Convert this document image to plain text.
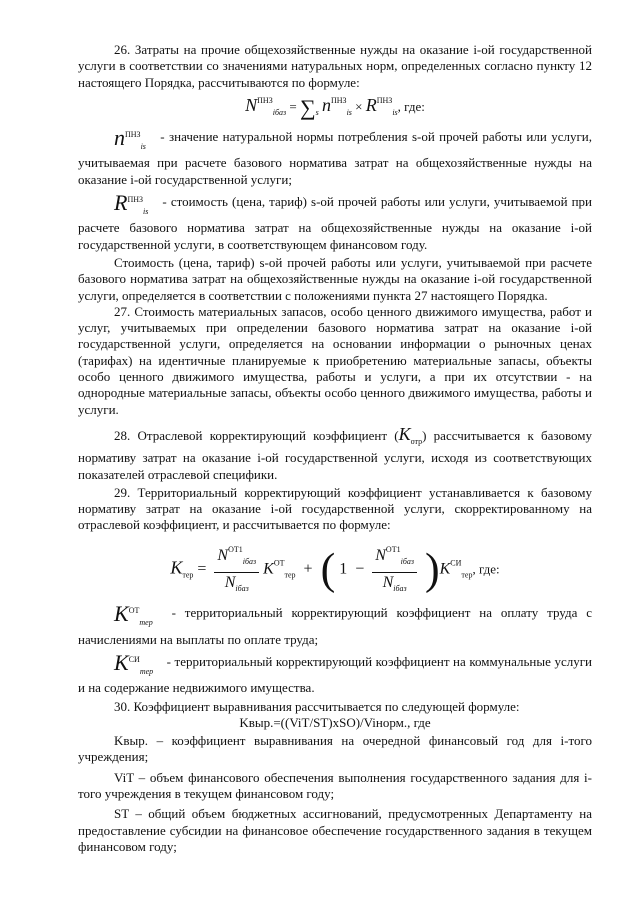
26. Затраты на прочие общехозяйственные нужды на оказание i-ой государственной услуги в соответствии со значениями натуральных норм, определенных согласно пункту 12 настоящего Порядка, рассчитываются по формуле:

$N^{ПНЗ}_{iбаз} = \sum_s$ $n^{ПНЗ}_{is} \times R^{ПНЗ}_{is}$, где:

$n^{ПНЗ}_{is}$ - значение натуральной нормы потребления s-ой прочей работы или услуги, учитываемая при расчете базового норматива затрат на общехозяйственные нужды на оказание i-ой государственной услуги;

$R^{ПНЗ}_{is}$ - стоимость (цена, тариф) s-ой прочей работы или услуги, учитываемой при расчете базового норматива затрат на общехозяйственные нужды на оказание i-ой государственной услуги, в соответствующем финансовом году.

Стоимость (цена, тариф) s-ой прочей работы или услуги, учитываемой при расчете базового норматива затрат на общехозяйственные нужды на оказание i-ой государственной услуги, определяется в соответствии с положениями пункта 27 настоящего Порядка.

27. Стоимость материальных запасов, особо ценного движимого имущества, работ и услуг, учитываемых при определении базового норматива затрат на оказание i-ой государственной услуги, определяется на основании информации о рыночных ценах (тарифах) на идентичные планируемые к приобретению материальные запасы, объекты особо ценного движимого имущества, работы и услуги, а при их отсутствии - на однородные материальные запасы, объекты особо ценного движимого имущества, работы и услуги.

28. Отраслевой корректирующий коэффициент $(K_{отр})$ рассчитывается к базовому нормативу затрат на оказание i-ой государственной услуги, исходя из соответствующих показателей отраслевой специфики.

29. Территориальный корректирующий коэффициент устанавливается к базовому нормативу затрат на оказание i-ой государственной услуги, скорректированному на отраслевой коэффициент, и рассчитывается по формуле:

$K_{тер} = \frac{N^{ОТ1}_{iбаз}}{N_{iбаз}} K^{ОТ}_{тер}$ + ( $1 - \frac{N^{ОТ1}_{iбаз}}{N_{iбаз}} )K^{СИ}_{тер}$, где:

$K^{ОТ}_{тер}$ - территориальный корректирующий коэффициент на оплату труда с начислениями на выплаты по оплате труда;

$K^{СИ}_{тер}$ - территориальный корректирующий коэффициент на коммунальные услуги и на содержание недвижимого имущества.

30. Коэффициент выравнивания рассчитывается по следующей формуле:

Kвыр.=((ViT/ST)xSO)/Viнорм., где

Kвыр. – коэффициент выравнивания на очередной финансовый год для i-того учреждения;

ViT – объем финансового обеспечения выполнения государственного задания для i-того учреждения в текущем финансовом году;

ST – общий объем бюджетных ассигнований, предусмотренных Департаменту на предоставление субсидии на финансовое обеспечение государственного задания в текущем финансовом году;
